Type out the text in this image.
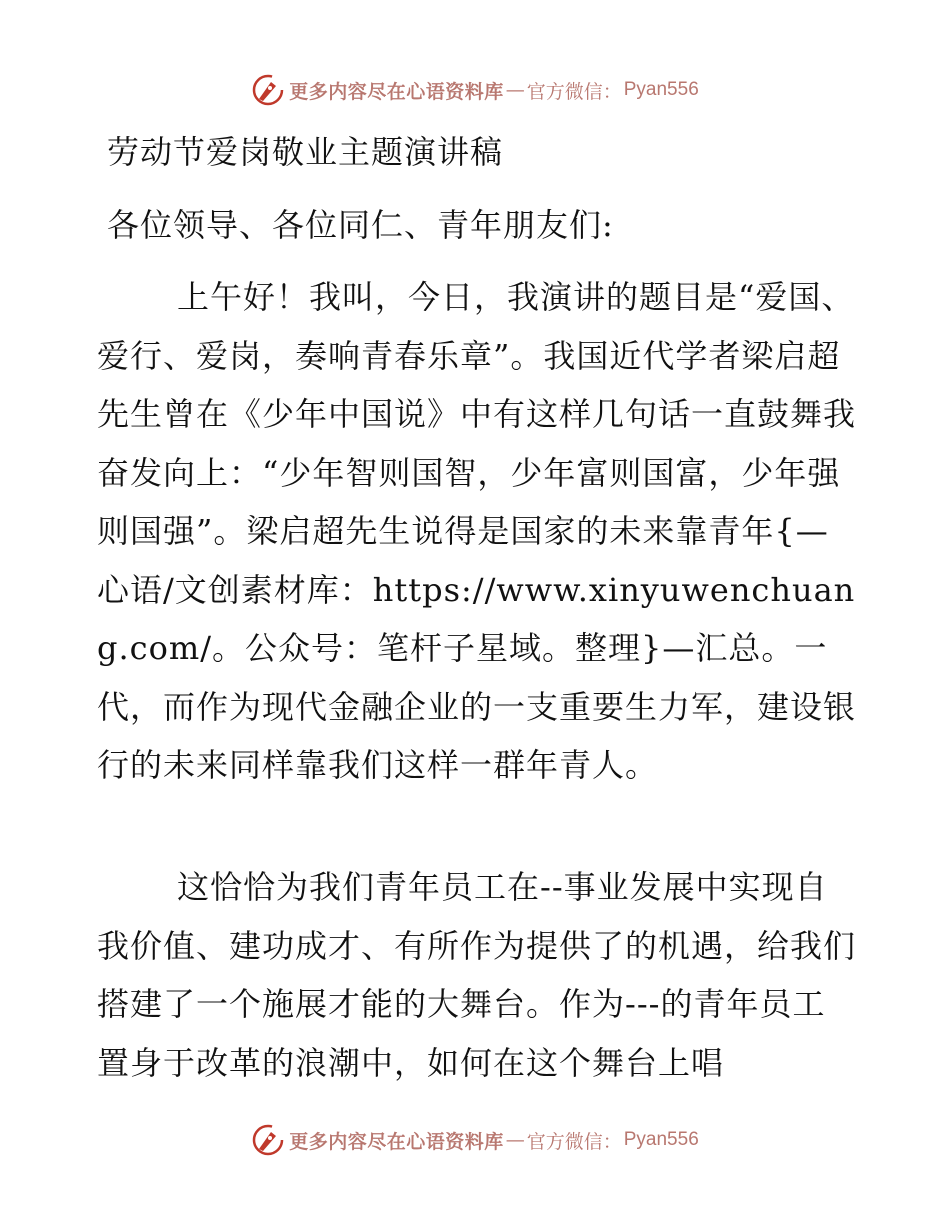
更多内容尽在心语资料库 — 官方微信： Pyan556
劳动节爱岗敬业主题演讲稿
各位领导、各位同仁、青年朋友们:

上午好！我叫，今日，我演讲的题目是“爱国、爱行、爱岗，奏响青春乐章”。我国近代学者梁启超先生曾在《少年中国说》中有这样几句话一直鼓舞我奋发向上：“少年智则国智，少年富则国富，少年强则国强”。梁启超先生说得是国家的未来靠青年{—心语/文创素材库：https://www.xinyuwenchuang.com/。公众号：笔杆子星域。整理}—汇总。一代，而作为现代金融企业的一支重要生力军，建设银行的未来同样靠我们这样一群年青人。

这恰恰为我们青年员工在--事业发展中实现自我价值、建功成才、有所作为提供了的机遇，给我们搭建了一个施展才能的大舞台。作为---的青年员工置身于改革的浪潮中，如何在这个舞台上唱

更多内容尽在心语资料库 — 官方微信： Pyan556
